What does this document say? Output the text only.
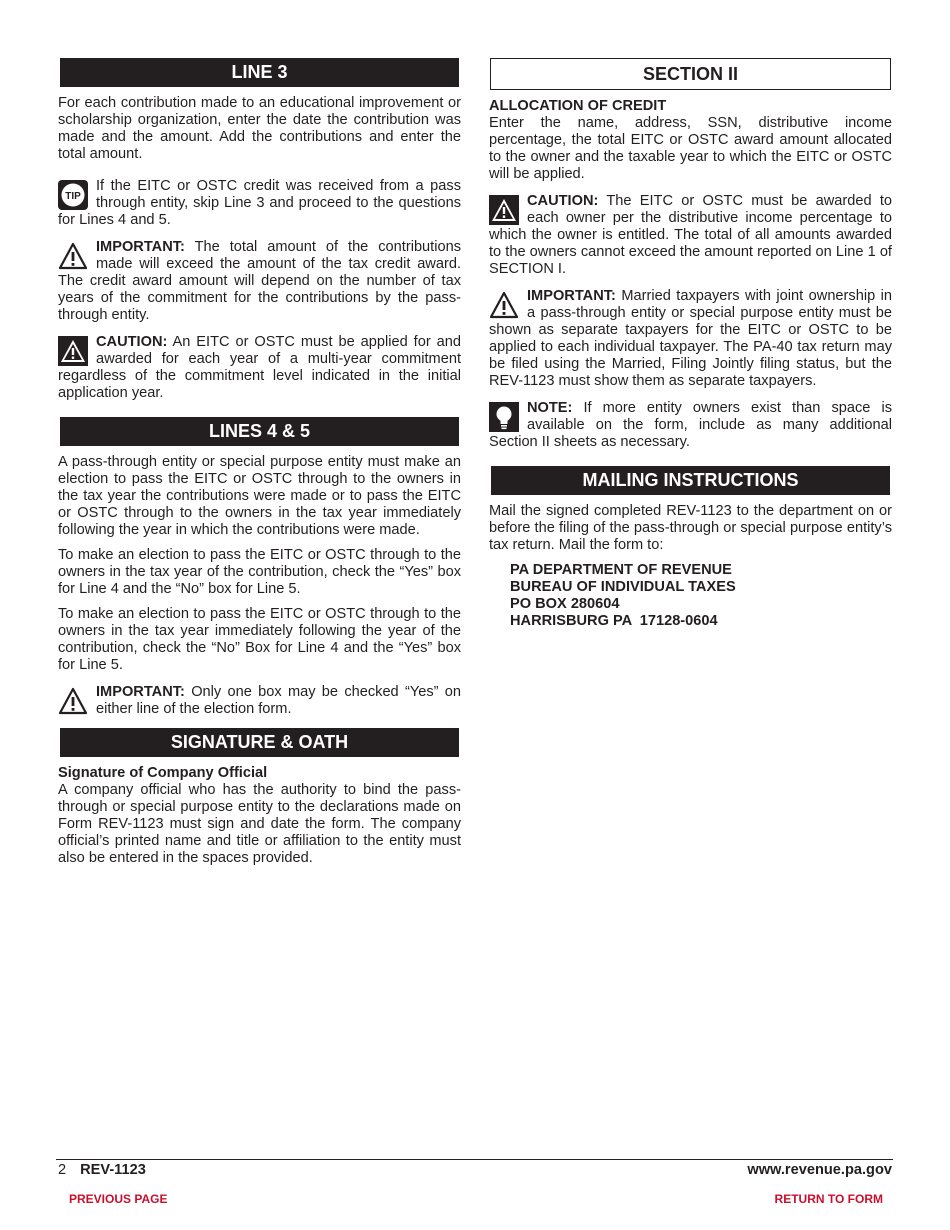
LINE 3

For each contribution made to an educational improvement or scholarship organization, enter the date the contribution was made and the amount. Add the contributions and enter the total amount.

TIP

If the EITC or OSTC credit was received from a pass through entity, skip Line 3 and proceed to the questions for Lines 4 and 5.

IMPORTANT: The total amount of the contributions made will exceed the amount of the tax credit award. The credit award amount will depend on the number of tax years of the commitment for the contributions by the pass-through entity.

CAUTION: An EITC or OSTC must be applied for and awarded for each year of a multi-year commitment regardless of the commitment level indicated in the initial application year.

LINES 4 & 5

A pass-through entity or special purpose entity must make an election to pass the EITC or OSTC through to the owners in the tax year the contributions were made or to pass the EITC or OSTC through to the owners in the tax year immediately following the year in which the contributions were made.

To make an election to pass the EITC or OSTC through to the owners in the tax year of the contribution, check the “Yes” box for Line 4 and the “No” box for Line 5.

To make an election to pass the EITC or OSTC through to the owners in the tax year immediately following the year of the contribution, check the “No” Box for Line 4 and the “Yes” box for Line 5.

IMPORTANT: Only one box may be checked “Yes” on either line of the election form.

SIGNATURE & OATH
Signature of Company Official

A company official who has the authority to bind the pass-through or special purpose entity to the declarations made on Form REV-1123 must sign and date the form. The company official’s printed name and title or affiliation to the entity must also be entered in the spaces provided.

SECTION II
ALLOCATION OF CREDIT

Enter the name, address, SSN, distributive income percentage, the total EITC or OSTC award amount allocated to the owner and the taxable year to which the EITC or OSTC will be applied.

CAUTION: The EITC or OSTC must be awarded to each owner per the distributive income percentage to which the owner is entitled. The total of all amounts awarded to the owners cannot exceed the amount reported on Line 1 of SECTION I.

IMPORTANT: Married taxpayers with joint ownership in a pass-through entity or special purpose entity must be shown as separate taxpayers for the EITC or OSTC to be applied to each individual taxpayer. The PA-40 tax return may be filed using the Married, Filing Jointly filing status, but the REV-1123 must show them as separate taxpayers.

NOTE: If more entity owners exist than space is available on the form, include as many additional Section II sheets as necessary.

MAILING INSTRUCTIONS

Mail the signed completed REV-1123 to the department on or before the filing of the pass-through or special purpose entity’s tax return. Mail the form to:

PA DEPARTMENT OF REVENUE
BUREAU OF INDIVIDUAL TAXES
PO BOX 280604
HARRISBURG PA  17128-0604
2 REV-1123	www.revenue.pa.gov
PREVIOUS PAGE	RETURN TO FORM
